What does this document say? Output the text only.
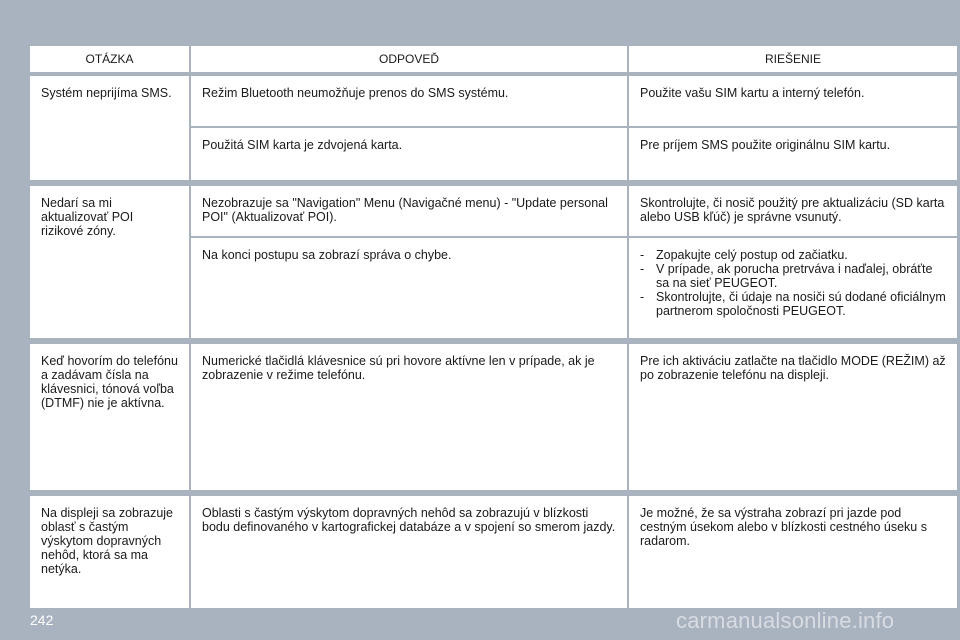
OTÁZKA	ODPOVEĎ	RIEŠENIE
Systém neprijíma SMS.	Režim Bluetooth neumožňuje prenos do SMS systému.	Použite vašu SIM kartu a interný telefón.
Použitá SIM karta je zdvojená karta.	Pre príjem SMS použite originálnu SIM kartu.
Nedarí sa mi aktualizovať POI rizikové zóny.
Nezobrazuje sa "Navigation" Menu (Navigačné menu) - "Update personal POI" (Aktualizovať POI).
Skontrolujte, či nosič použitý pre aktualizáciu (SD karta alebo USB kľúč) je správne vsunutý.
Na konci postupu sa zobrazí správa o chybe.
-	Zopakujte celý postup od začiatku.
- V prípade, ak porucha pretrváva i naďalej, obráťte sa na sieť PEUGEOT.
- Skontrolujte, či údaje na nosiči sú dodané oficiálnym partnerom spoločnosti PEUGEOT.
Keď hovorím do telefónu a zadávam čísla na klávesnici, tónová voľba (DTMF) nie je aktívna.
Numerické tlačidlá klávesnice sú pri hovore aktívne len v prípade, ak je zobrazenie v režime telefónu.
Pre ich aktiváciu zatlačte na tlačidlo MODE (REŽIM) až po zobrazenie telefónu na displeji.
Na displeji sa zobrazuje oblasť s častým výskytom dopravných nehôd, ktorá sa ma netýka.
Oblasti s častým výskytom dopravných nehôd sa zobrazujú v blízkosti bodu definovaného v kartografickej databáze a v spojení so smerom jazdy.
Je možné, že sa výstraha zobrazí pri jazde pod cestným úsekom alebo v blízkosti cestného úseku s radarom.
242	carmanualsonline.info
